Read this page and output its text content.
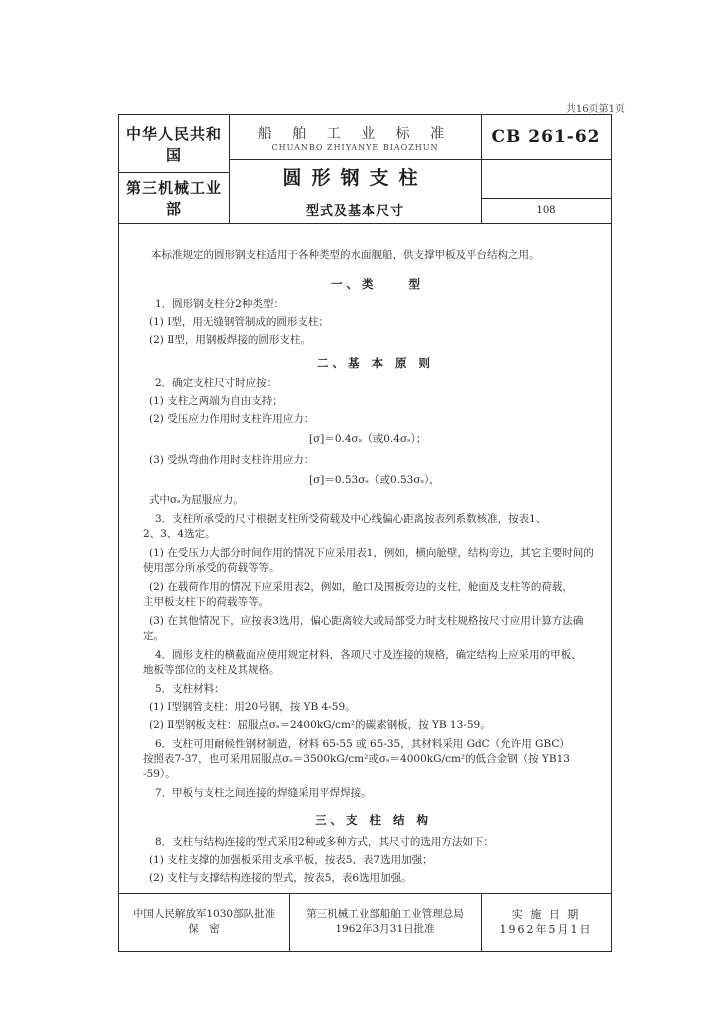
共16页第1页
中华人民共和国
第三机械工业部
船 舶 工 业 标 准
CHUANBO ZHIYANYE BIAOZHUN	CB 261-62
圆形钢支柱
型式及基本尺寸	108
本标准规定的圆形钢支柱适用于各种类型的水面舰船，供支撑甲板及平台结构之用。
一、类　　型
1．圆形钢支柱分2种类型：
(1) Ⅰ型，用无缝钢管制成的圆形支柱；
(2) Ⅱ型，用钢板焊接的圆形支柱。
二、基 本 原 则
2．确定支柱尺寸时应按：
(1) 支柱之两端为自由支持；
(2) 受压应力作用时支柱许用应力：
[σ]＝0.4σₛ（或0.4σₛ）；
(3) 受纵弯曲作用时支柱许用应力：
[σ]＝0.53σₛ（或0.53σₛ），
式中σₛ为屈服应力。
3．支柱所承受的尺寸根据支柱所受荷载及中心线偏心距离按表列系数核准，按表1、
2、3、4选定。
(1) 在受压力大部分时间作用的情况下应采用表1，例如，横向舱壁，结构旁边，其它主要时间的
使用部分所承受的荷载等等。
(2) 在载荷作用的情况下应采用表2，例如，舱口及围板旁边的支柱，舱面及支柱等的荷载，
主甲板支柱下的荷载等等。
(3) 在其他情况下，应按表3选用，偏心距离较大或局部受力时支柱规格按尺寸应用计算方法确
定。
4．圆形支柱的横截面应使用规定材料，各项尺寸及连接的规格，确定结构上应采用的甲板、
地板等部位的支柱及其规格。
5．支柱材料：
(1) Ⅰ型钢管支柱：用20号钢，按 YB 4-59。
(2) Ⅱ型钢板支柱：屈服点σₛ＝2400kG/cm²的碳素钢板，按 YB 13-59。
6．支柱可用耐候性钢材制造，材料 65-55 或 65-35，其材料采用 GdC（允许用 GBC）
按照表7-37，也可采用屈服点σₛ＝3500kG/cm²或σₛ＝4000kG/cm²的低合金钢（按 YB13
-59）。
7．甲板与支柱之间连接的焊缝采用平焊焊接。
三、支 柱 结 构
8．支柱与结构连接的型式采用2种或多种方式，其尺寸的选用方法如下：
(1) 支柱支撑的加强板采用支承平板，按表5、表7选用加强；
(2) 支柱与支撑结构连接的型式，按表5，表6选用加强。
中国人民解放军1030部队批准
保　密
第三机械工业部船舶工业管理总局
1962年3月31日批准
实 施 日 期
1962年5月1日
